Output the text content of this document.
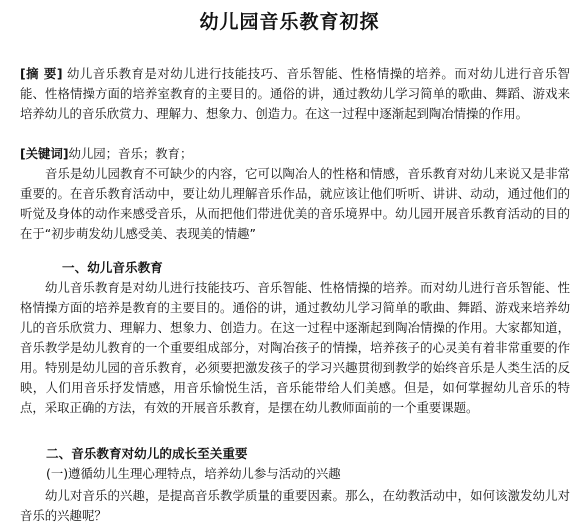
幼儿园音乐教育初探

[摘 要] 幼儿音乐教育是对幼儿进行技能技巧、音乐智能、性格情操的培养。而对幼儿进行音乐智能、性格情操方面的培养室教育的主要目的。通俗的讲，通过教幼儿学习简单的歌曲、舞蹈、游戏来培养幼儿的音乐欣赏力、理解力、想象力、创造力。在这一过程中逐渐起到陶冶情操的作用。

[关键词]幼儿园；音乐；教育；

音乐是幼儿园教育不可缺少的内容，它可以陶冶人的性格和情感，音乐教育对幼儿来说又是非常重要的。在音乐教育活动中，要让幼儿理解音乐作品，就应该让他们听听、讲讲、动动，通过他们的听觉及身体的动作来感受音乐，从而把他们带进优美的音乐境界中。幼儿园开展音乐教育活动的目的在于“初步萌发幼儿感受美、表现美的情趣”

一、幼儿音乐教育

幼儿音乐教育是对幼儿进行技能技巧、音乐智能、性格情操的培养。而对幼儿进行音乐智能、性格情操方面的培养是教育的主要目的。通俗的讲，通过教幼儿学习简单的歌曲、舞蹈、游戏来培养幼儿的音乐欣赏力、理解力、想象力、创造力。在这一过程中逐渐起到陶冶情操的作用。大家都知道，音乐教学是幼儿教育的一个重要组成部分，对陶冶孩子的情操，培养孩子的心灵美有着非常重要的作用。特别是幼儿园的音乐教育，必须要把激发孩子的学习兴趣贯彻到教学的始终音乐是人类生活的反映，人们用音乐抒发情感，用音乐愉悦生活，音乐能带给人们美感。但是，如何掌握幼儿音乐的特点，采取正确的方法，有效的开展音乐教育，是摆在幼儿教师面前的一个重要课题。

二、音乐教育对幼儿的成长至关重要
(一)遵循幼儿生理心理特点，培养幼儿参与活动的兴趣

幼儿对音乐的兴趣，是提高音乐教学质量的重要因素。那么，在幼教活动中，如何该激发幼儿对音乐的兴趣呢？
